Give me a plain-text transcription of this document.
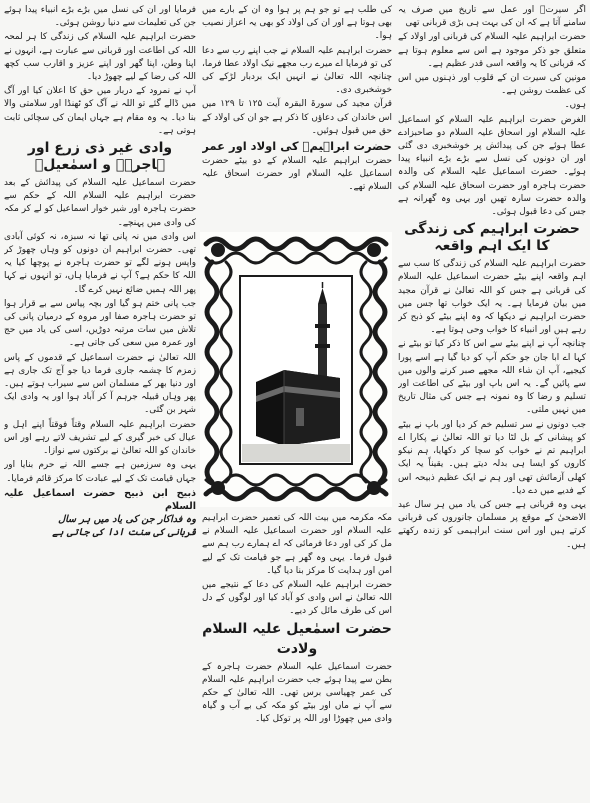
اگر سیرتؔ اور عمل سے تاریخ میں صرف یہ سامنے آتا ہے کہ ان کی بہت ہی بڑی قربانی تھی

حضرت ابراہیم علیہ السلام کی قربانی اور اولاد کے متعلق جو ذکر موجود ہے اس سے معلوم ہوتا ہے کہ قربانی کا یہ واقعہ اسی قدر عظیم ہے۔

مونین کی سیرت ان کے قلوب اور ذہنوں میں اس کی عظمت روشن ہے۔

ہوں۔

الغرض حضرت ابراہیم علیہ السلام کو اسماعیل علیہ السلام اور اسحاق علیہ السلام دو صاحبزادے عطا ہوئے جن کی پیدائش پر خوشخبری دی گئی اور ان دونوں کی نسل سے بڑے بڑے انبیاء پیدا ہوئے۔ حضرت اسماعیل علیہ السلام کی والدہ حضرت ہاجرہ اور حضرت اسحاق علیہ السلام کی والدہ حضرت سارہ تھیں اور یہی وہ گھرانہ ہے جس کی دعا قبول ہوئی۔

حضرت ابراہیم کی زندگی کا ایک اہم واقعہ

حضرت ابراہیم علیہ السلام کی زندگی کا سب سے اہم واقعہ اپنے بیٹے حضرت اسماعیل علیہ السلام کی قربانی ہے جس کو اللہ تعالیٰ نے قرآن مجید میں بیان فرمایا ہے۔ یہ ایک خواب تھا جس میں حضرت ابراہیم نے دیکھا کہ وہ اپنے بیٹے کو ذبح کر رہے ہیں اور انبیاء کا خواب وحی ہوتا ہے۔

چنانچہ آپ نے اپنے بیٹے سے اس کا ذکر کیا تو بیٹے نے کہا اے ابا جان جو حکم آپ کو دیا گیا ہے اسے پورا کیجیے، آپ ان شاء اللہ مجھے صبر کرنے والوں میں سے پائیں گے۔ یہ اس باپ اور بیٹے کی اطاعت اور تسلیم و رضا کا وہ نمونہ ہے جس کی مثال تاریخ میں نہیں ملتی۔

جب دونوں نے سر تسلیم خم کر دیا اور باپ نے بیٹے کو پیشانی کے بل لٹا دیا تو اللہ تعالیٰ نے پکارا اے ابراہیم تم نے خواب کو سچا کر دکھایا، ہم نیکو کاروں کو ایسا ہی بدلہ دیتے ہیں۔ یقیناً یہ ایک کھلی آزمائش تھی اور ہم نے ایک عظیم ذبیحہ اس کے فدیے میں دے دیا۔

یہی وہ قربانی ہے جس کی یاد میں ہر سال عید الاضحیٰ کے موقع پر مسلمان جانوروں کی قربانی کرتے ہیں اور اس سنت ابراہیمی کو زندہ رکھتے ہیں۔

کی طلب ہے تو جو ہم پر ہوا وہ ان کے بارے میں بھی ہوتا ہے اور ان کی اولاد کو بھی یہ اعزاز نصیب ہوا۔

حضرت ابراہیم علیہ السلام نے جب اپنے رب سے دعا کی تو فرمایا اے میرے رب مجھے نیک اولاد عطا فرما، چنانچہ اللہ تعالیٰ نے انہیں ایک بردبار لڑکے کی خوشخبری دی۔

قرآن مجید کی سورۃ البقرہ آیت ۱۲۵ تا ۱۲۹ میں اس خاندان کی دعاؤں کا ذکر ہے جو ان کی اولاد کے حق میں قبول ہوئیں۔

حضرت ابراہیمؑ کی اولاد اور عمر

حضرت ابراہیم علیہ السلام کے دو بیٹے حضرت اسماعیل علیہ السلام اور حضرت اسحاق علیہ السلام تھے۔

مکہ مکرمہ میں بیت اللہ کی تعمیر حضرت ابراہیم علیہ السلام اور حضرت اسماعیل علیہ السلام نے مل کر کی اور دعا فرمائی کہ اے ہمارے رب ہم سے قبول فرما۔ یہی وہ گھر ہے جو قیامت تک کے لیے امن اور ہدایت کا مرکز بنا دیا گیا۔

حضرت ابراہیم علیہ السلام کی دعا کے نتیجے میں اللہ تعالیٰ نے اس وادی کو آباد کیا اور لوگوں کے دل اس کی طرف مائل کر دیے۔

حضرت اسمٰعیل علیہ السلام

ولادت

حضرت اسماعیل علیہ السلام حضرت ہاجرہ کے بطن سے پیدا ہوئے جب حضرت ابراہیم علیہ السلام کی عمر چھیاسی برس تھی۔ اللہ تعالیٰ کے حکم سے آپ نے ماں اور بیٹے کو مکہ کی بے آب و گیاہ وادی میں چھوڑا اور اللہ پر توکل کیا۔

فرمایا اور ان کی نسل میں بڑے بڑے انبیاء پیدا ہوئے جن کی تعلیمات سے دنیا روشن ہوئی۔

حضرت ابراہیم علیہ السلام کی زندگی کا ہر لمحہ اللہ کی اطاعت اور قربانی سے عبارت ہے، انہوں نے اپنا وطن، اپنا گھر اور اپنے عزیز و اقارب سب کچھ اللہ کی رضا کے لیے چھوڑ دیا۔

آپ نے نمرود کے دربار میں حق کا اعلان کیا اور آگ میں ڈالے گئے تو اللہ نے آگ کو ٹھنڈا اور سلامتی والا بنا دیا۔ یہ وہ مقام ہے جہاں ایمان کی سچائی ثابت ہوتی ہے۔

وادی غیر ذی زرع اور ہاجرہؑ و اسمٰعیلؑ

حضرت اسماعیل علیہ السلام کی پیدائش کے بعد حضرت ابراہیم علیہ السلام اللہ کے حکم سے حضرت ہاجرہ اور شیر خوار اسماعیل کو لے کر مکہ کی وادی میں پہنچے۔

اس وادی میں نہ پانی تھا نہ سبزہ، نہ کوئی آبادی تھی۔ حضرت ابراہیم ان دونوں کو وہاں چھوڑ کر واپس ہونے لگے تو حضرت ہاجرہ نے پوچھا کیا یہ اللہ کا حکم ہے؟ آپ نے فرمایا ہاں، تو انہوں نے کہا پھر اللہ ہمیں ضائع نہیں کرے گا۔

جب پانی ختم ہو گیا اور بچہ پیاس سے بے قرار ہوا تو حضرت ہاجرہ صفا اور مروہ کے درمیان پانی کی تلاش میں سات مرتبہ دوڑیں، اسی کی یاد میں حج اور عمرہ میں سعی کی جاتی ہے۔

اللہ تعالیٰ نے حضرت اسماعیل کے قدموں کے پاس زمزم کا چشمہ جاری فرما دیا جو آج تک جاری ہے اور دنیا بھر کے مسلمان اس سے سیراب ہوتے ہیں۔ پھر وہاں قبیلہ جرہم آ کر آباد ہوا اور یہ وادی ایک شہر بن گئی۔

حضرت ابراہیم علیہ السلام وقتاً فوقتاً اپنے اہل و عیال کی خبر گیری کے لیے تشریف لاتے رہے اور اس خاندان کو اللہ تعالیٰ نے برکتوں سے نوازا۔

یہی وہ سرزمین ہے جسے اللہ نے حرم بنایا اور جہاں قیامت تک کے لیے عبادت کا مرکز قائم فرمایا۔

ذبیح ابن ذبیح حضرت اسماعیل علیہ السلام

وہ فداکار جن کی یاد میں ہر سال

قربانی کی سنت ادا کی جاتی ہے
